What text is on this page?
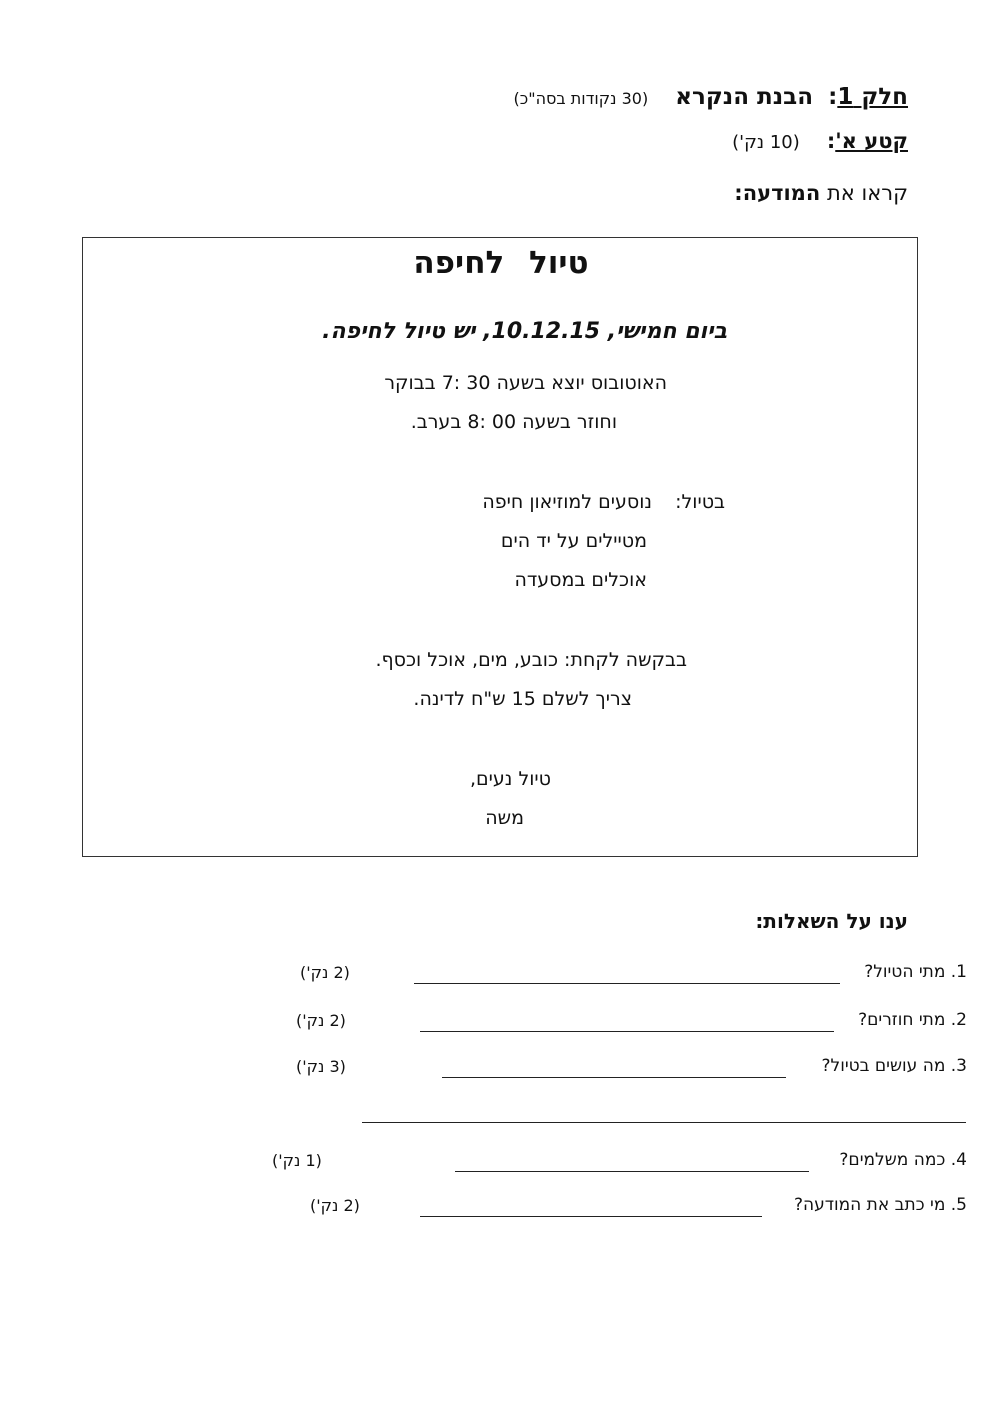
חלק 1: הבנת הנקרא (30 נקודות בסה"כ)
קטע א': (10 נק')
קראו את המודעה:
טיול לחיפה
ביום חמישי, 10.12.15, יש טיול לחיפה.
האוטובוס יוצא בשעה 30 :7 בבוקר
וחוזר בשעה 00 :8 בערב.
בטיול:
נוסעים למוזיאון חיפה
מטיילים על יד הים
אוכלים במסעדה
בבקשה לקחת: כובע, מים, אוכל וכסף.
צריך לשלם 15 ש"ח לדינה.
טיול נעים,
משה
ענו על השאלות:
1. מתי הטיול?
(2 נק')
2. מתי חוזרים?
(2 נק')
3. מה עושים בטיול?
(3 נק')
4. כמה משלמים?
(1 נק')
5. מי כתב את המודעה?
(2 נק')
